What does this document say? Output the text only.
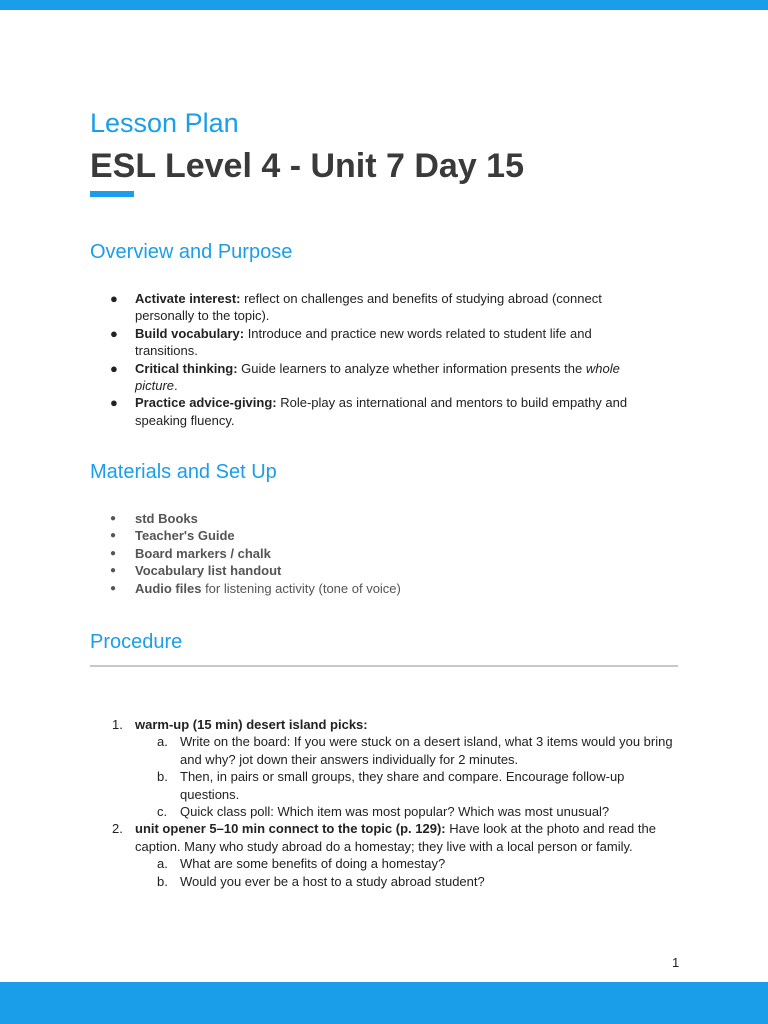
Lesson Plan
ESL Level 4 - Unit 7 Day 15
Overview and Purpose
● Activate interest: reflect on challenges and benefits of studying abroad (connect personally to the topic).
● Build vocabulary: Introduce and practice new words related to student life and transitions.
● Critical thinking: Guide learners to analyze whether information presents the whole picture.
● Practice advice-giving: Role-play as international and mentors to build empathy and speaking fluency.
Materials and Set Up
● std Books
● Teacher's Guide
● Board markers / chalk
● Vocabulary list handout
● Audio files for listening activity (tone of voice)
Procedure
1. warm-up (15 min) desert island picks:
a. Write on the board: If you were stuck on a desert island, what 3 items would you bring and why? jot down their answers individually for 2 minutes.
b. Then, in pairs or small groups, they share and compare. Encourage follow-up questions.
c. Quick class poll: Which item was most popular? Which was most unusual?
2. unit opener 5–10 min connect to the topic (p. 129): Have look at the photo and read the caption. Many who study abroad do a homestay; they live with a local person or family.
a. What are some benefits of doing a homestay?
b. Would you ever be a host to a study abroad student?
1
